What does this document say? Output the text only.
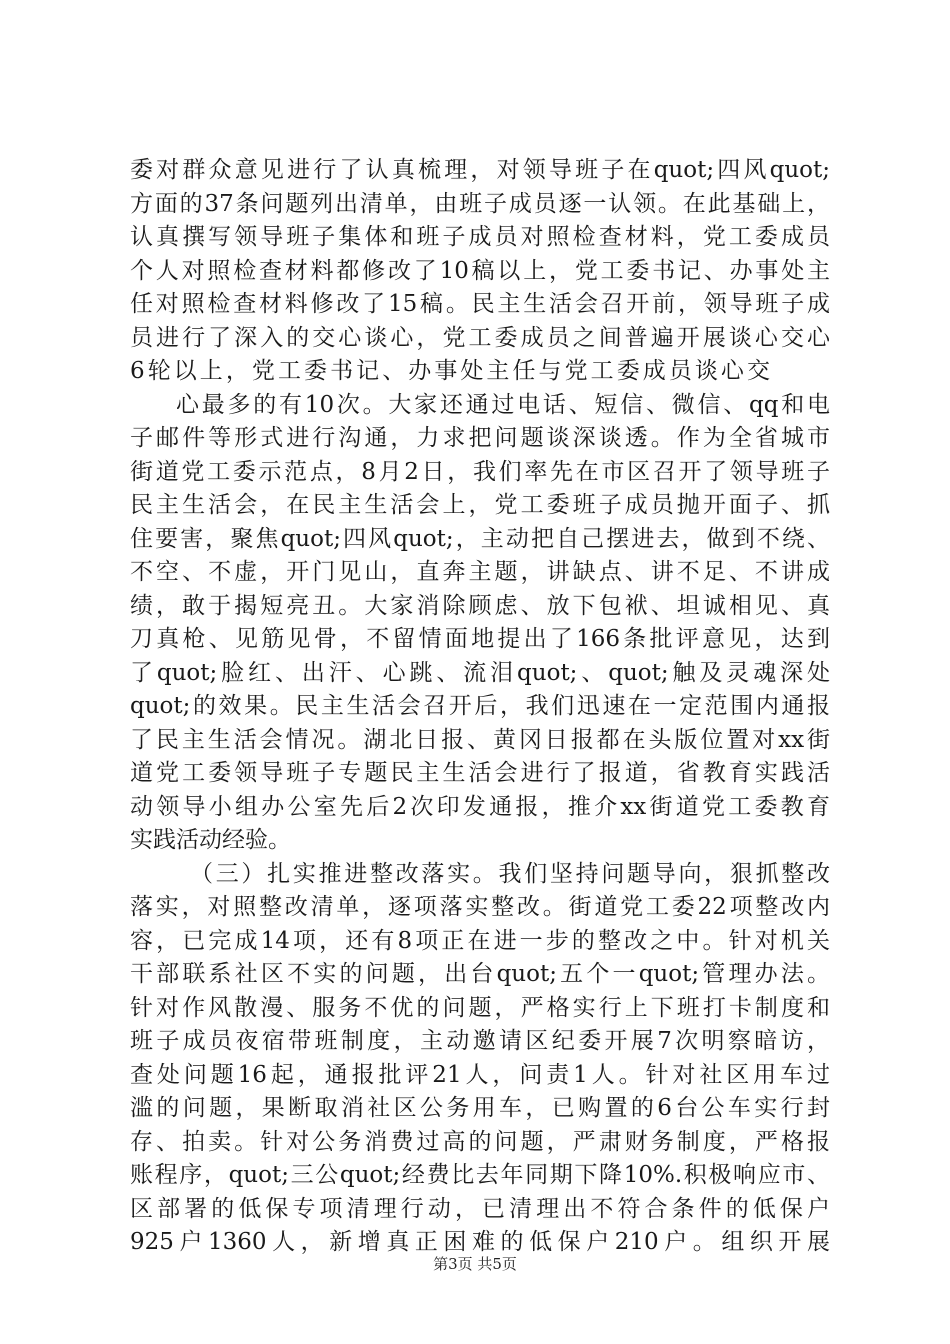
委对群众意见进行了认真梳理，对领导班子在quot;四风quot;
方面的37条问题列出清单，由班子成员逐一认领。在此基础上，
认真撰写领导班子集体和班子成员对照检查材料，党工委成员
个人对照检查材料都修改了10稿以上，党工委书记、办事处主
任对照检查材料修改了15稿。民主生活会召开前，领导班子成
员进行了深入的交心谈心，党工委成员之间普遍开展谈心交心
6轮以上，党工委书记、办事处主任与党工委成员谈心交
心最多的有10次。大家还通过电话、短信、微信、qq和电
子邮件等形式进行沟通，力求把问题谈深谈透。作为全省城市
街道党工委示范点，8月2日，我们率先在市区召开了领导班子
民主生活会，在民主生活会上，党工委班子成员抛开面子、抓
住要害，聚焦quot;四风quot;，主动把自己摆进去，做到不绕、
不空、不虚，开门见山，直奔主题，讲缺点、讲不足、不讲成
绩，敢于揭短亮丑。大家消除顾虑、放下包袱、坦诚相见、真
刀真枪、见筋见骨，不留情面地提出了166条批评意见，达到
了quot;脸红、出汗、心跳、流泪quot;、quot;触及灵魂深处
quot;的效果。民主生活会召开后，我们迅速在一定范围内通报
了民主生活会情况。湖北日报、黄冈日报都在头版位置对xx街
道党工委领导班子专题民主生活会进行了报道，省教育实践活
动领导小组办公室先后2次印发通报，推介xx街道党工委教育
实践活动经验。
（三）扎实推进整改落实。我们坚持问题导向，狠抓整改
落实，对照整改清单，逐项落实整改。街道党工委22项整改内
容，已完成14项，还有8项正在进一步的整改之中。针对机关
干部联系社区不实的问题，出台quot;五个一quot;管理办法。
针对作风散漫、服务不优的问题，严格实行上下班打卡制度和
班子成员夜宿带班制度，主动邀请区纪委开展7次明察暗访，
查处问题16起，通报批评21人，问责1人。针对社区用车过
滥的问题，果断取消社区公务用车，已购置的6台公车实行封
存、拍卖。针对公务消费过高的问题，严肃财务制度，严格报
账程序，quot;三公quot;经费比去年同期下降10%.积极响应市、
区部署的低保专项清理行动，已清理出不符合条件的低保户
925户1360人，新增真正困难的低保户210户。组织开展
第3页 共5页
